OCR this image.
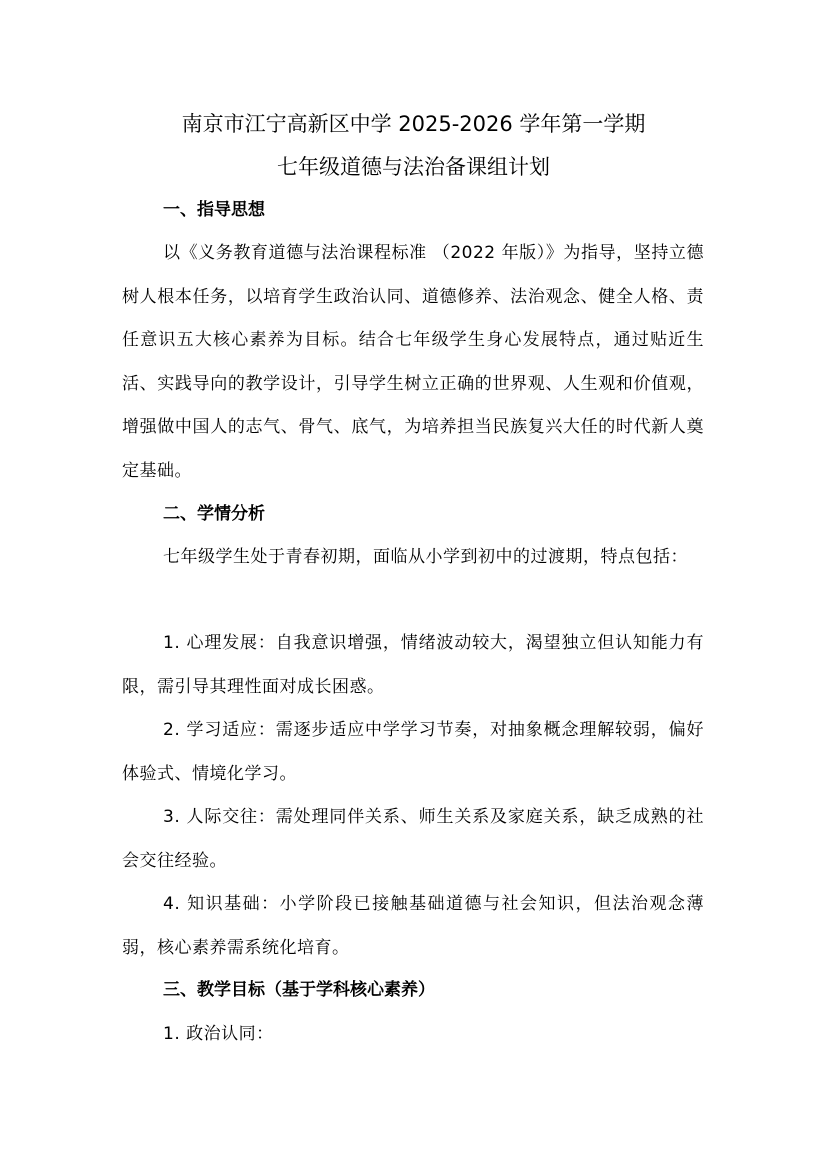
南京市江宁高新区中学 2025-2026 学年第一学期
七年级道德与法治备课组计划
一、指导思想

以《义务教育道德与法治课程标准 （2022 年版）》为指导，坚持立德树人根本任务，以培育学生政治认同、道德修养、法治观念、健全人格、责任意识五大核心素养为目标。结合七年级学生身心发展特点，通过贴近生活、实践导向的教学设计，引导学生树立正确的世界观、人生观和价值观，增强做中国人的志气、骨气、底气，为培养担当民族复兴大任的时代新人奠定基础。

二、学情分析

七年级学生处于青春初期，面临从小学到初中的过渡期，特点包括：

1. 心理发展：自我意识增强，情绪波动较大，渴望独立但认知能力有限，需引导其理性面对成长困惑。

2. 学习适应：需逐步适应中学学习节奏，对抽象概念理解较弱，偏好体验式、情境化学习。

3. 人际交往：需处理同伴关系、师生关系及家庭关系，缺乏成熟的社会交往经验。

4. 知识基础：小学阶段已接触基础道德与社会知识，但法治观念薄弱，核心素养需系统化培育。

三、教学目标（基于学科核心素养）
1. 政治认同：
